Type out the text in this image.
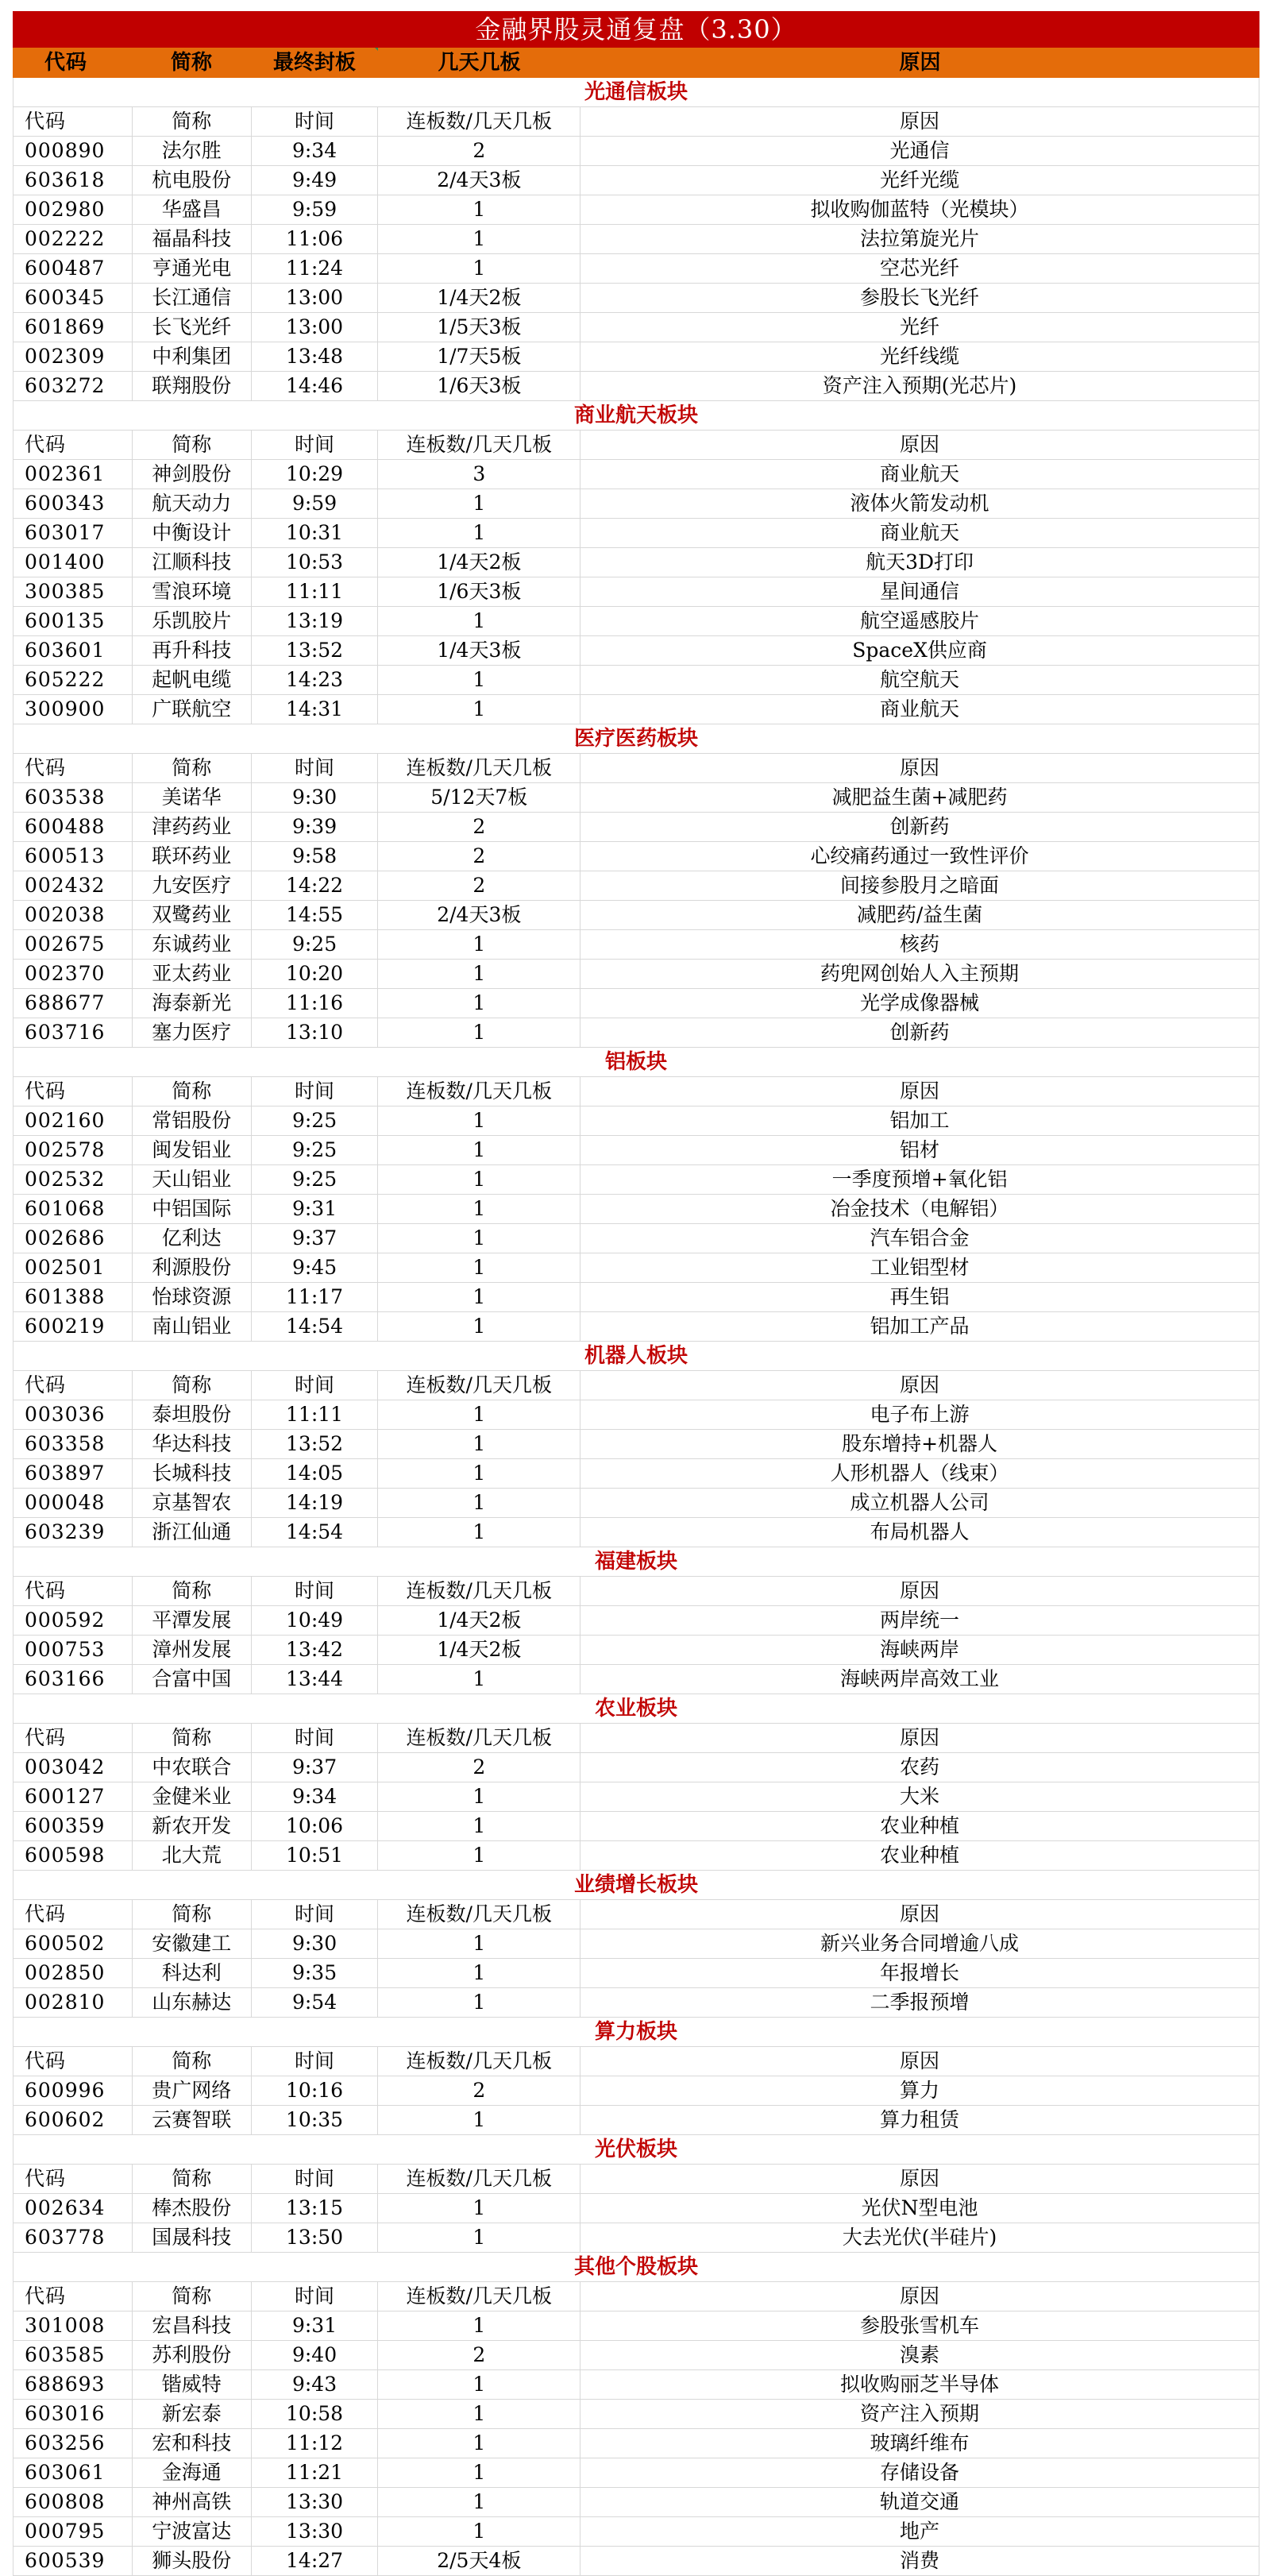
金融界股灵通复盘（3.30）
代码	简称	最终封板	几天几板	原因
光通信板块
代码	简称	时间	连板数/几天几板	原因
000890	法尔胜	9:34	2	光通信
603618	杭电股份	9:49	2/4天3板	光纤光缆
002980	华盛昌	9:59	1	拟收购伽蓝特（光模块）
002222	福晶科技	11:06	1	法拉第旋光片
600487	亨通光电	11:24	1	空芯光纤
600345	长江通信	13:00	1/4天2板	参股长飞光纤
601869	长飞光纤	13:00	1/5天3板	光纤
002309	中利集团	13:48	1/7天5板	光纤线缆
603272	联翔股份	14:46	1/6天3板	资产注入预期(光芯片)
商业航天板块
代码	简称	时间	连板数/几天几板	原因
002361	神剑股份	10:29	3	商业航天
600343	航天动力	9:59	1	液体火箭发动机
603017	中衡设计	10:31	1	商业航天
001400	江顺科技	10:53	1/4天2板	航天3D打印
300385	雪浪环境	11:11	1/6天3板	星间通信
600135	乐凯胶片	13:19	1	航空遥感胶片
603601	再升科技	13:52	1/4天3板	SpaceX供应商
605222	起帆电缆	14:23	1	航空航天
300900	广联航空	14:31	1	商业航天
医疗医药板块
代码	简称	时间	连板数/几天几板	原因
603538	美诺华	9:30	5/12天7板	减肥益生菌+减肥药
600488	津药药业	9:39	2	创新药
600513	联环药业	9:58	2	心绞痛药通过一致性评价
002432	九安医疗	14:22	2	间接参股月之暗面
002038	双鹭药业	14:55	2/4天3板	减肥药/益生菌
002675	东诚药业	9:25	1	核药
002370	亚太药业	10:20	1	药兜网创始人入主预期
688677	海泰新光	11:16	1	光学成像器械
603716	塞力医疗	13:10	1	创新药
铝板块
代码	简称	时间	连板数/几天几板	原因
002160	常铝股份	9:25	1	铝加工
002578	闽发铝业	9:25	1	铝材
002532	天山铝业	9:25	1	一季度预增+氧化铝
601068	中铝国际	9:31	1	冶金技术（电解铝）
002686	亿利达	9:37	1	汽车铝合金
002501	利源股份	9:45	1	工业铝型材
601388	怡球资源	11:17	1	再生铝
600219	南山铝业	14:54	1	铝加工产品
机器人板块
代码	简称	时间	连板数/几天几板	原因
003036	泰坦股份	11:11	1	电子布上游
603358	华达科技	13:52	1	股东增持+机器人
603897	长城科技	14:05	1	人形机器人（线束）
000048	京基智农	14:19	1	成立机器人公司
603239	浙江仙通	14:54	1	布局机器人
福建板块
代码	简称	时间	连板数/几天几板	原因
000592	平潭发展	10:49	1/4天2板	两岸统一
000753	漳州发展	13:42	1/4天2板	海峡两岸
603166	合富中国	13:44	1	海峡两岸高效工业
农业板块
代码	简称	时间	连板数/几天几板	原因
003042	中农联合	9:37	2	农药
600127	金健米业	9:34	1	大米
600359	新农开发	10:06	1	农业种植
600598	北大荒	10:51	1	农业种植
业绩增长板块
代码	简称	时间	连板数/几天几板	原因
600502	安徽建工	9:30	1	新兴业务合同增逾八成
002850	科达利	9:35	1	年报增长
002810	山东赫达	9:54	1	二季报预增
算力板块
代码	简称	时间	连板数/几天几板	原因
600996	贵广网络	10:16	2	算力
600602	云赛智联	10:35	1	算力租赁
光伏板块
代码	简称	时间	连板数/几天几板	原因
002634	棒杰股份	13:15	1	光伏N型电池
603778	国晟科技	13:50	1	大去光伏(半硅片)
其他个股板块
代码	简称	时间	连板数/几天几板	原因
301008	宏昌科技	9:31	1	参股张雪机车
603585	苏利股份	9:40	2	溴素
688693	锴威特	9:43	1	拟收购丽芝半导体
603016	新宏泰	10:58	1	资产注入预期
603256	宏和科技	11:12	1	玻璃纤维布
603061	金海通	11:21	1	存储设备
600808	神州高铁	13:30	1	轨道交通
000795	宁波富达	13:30	1	地产
600539	狮头股份	14:27	2/5天4板	消费
